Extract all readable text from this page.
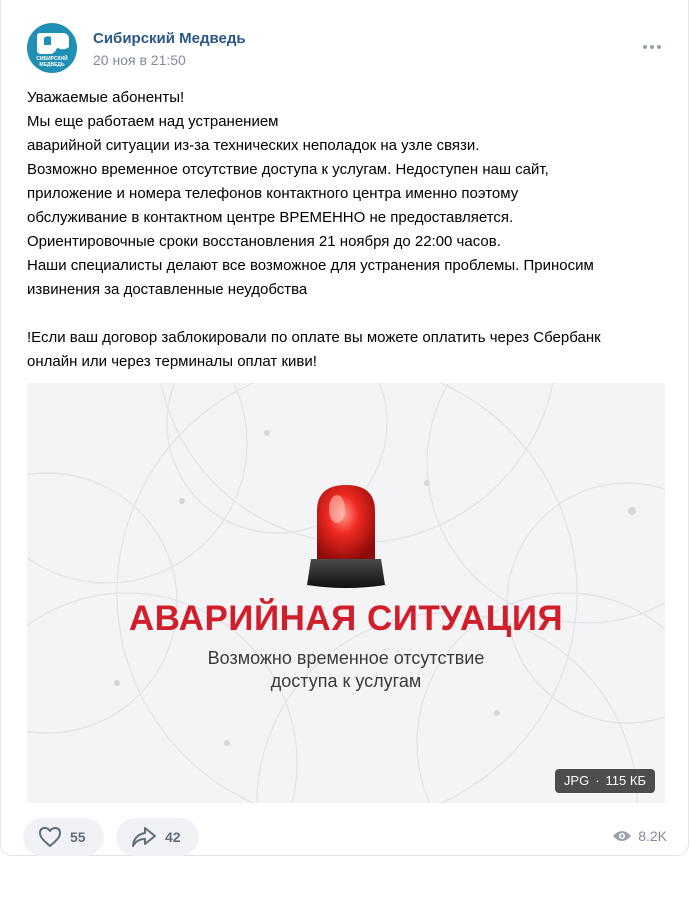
СИБИРСКИЙ МЕДВЕДЬ
Сибирский Медведь
20 ноя в 21:50

Уважаемые абоненты!

Мы еще работаем над устранением

аварийной ситуации из-за технических неполадок на узле связи.

Возможно временное отсутствие доступа к услугам. Недоступен наш сайт,

приложение и номера телефонов контактного центра именно поэтому

обслуживание в контактном центре ВРЕМЕННО не предоставляется.

Ориентировочные сроки восстановления 21 ноября до 22:00 часов.

Наши специалисты делают все возможное для устранения проблемы. Приносим

извинения за доставленные неудобства

!Если ваш договор заблокировали по оплате вы можете оплатить через Сбербанк

онлайн или через терминалы оплат киви!

АВАРИЙНАЯ СИТУАЦИЯ
Возможно временное отсутствие
доступа к услугам
JPG · 115 КБ
55	42	8.2K
